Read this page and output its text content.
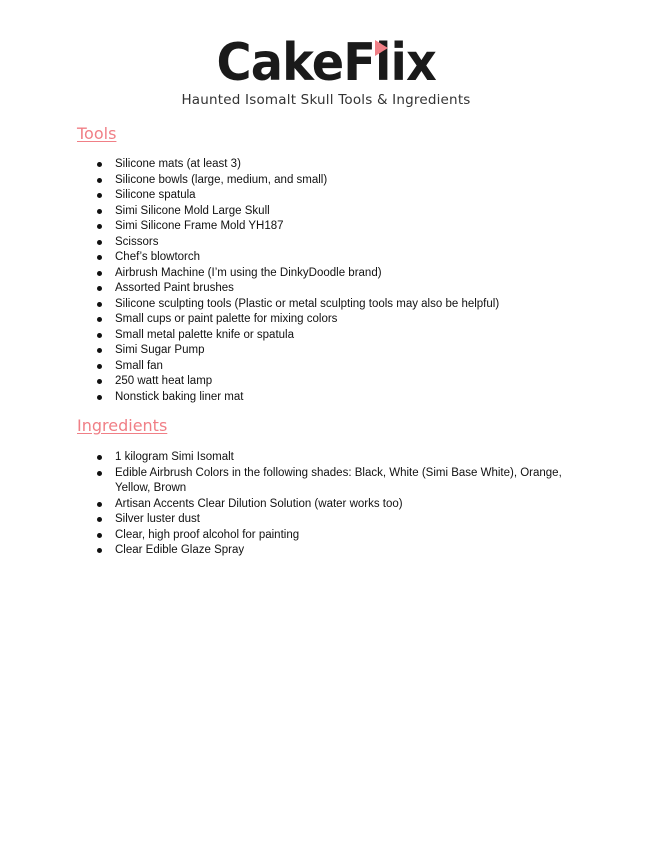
CakeFlix
Haunted Isomalt Skull Tools & Ingredients
Tools
Silicone mats (at least 3)
Silicone bowls (large, medium, and small)
Silicone spatula
Simi Silicone Mold Large Skull
Simi Silicone Frame Mold YH187
Scissors
Chef’s blowtorch
Airbrush Machine (I’m using the DinkyDoodle brand)
Assorted Paint brushes
Silicone sculpting tools (Plastic or metal sculpting tools may also be helpful)
Small cups or paint palette for mixing colors
Small metal palette knife or spatula
Simi Sugar Pump
Small fan
250 watt heat lamp
Nonstick baking liner mat
Ingredients
1 kilogram Simi Isomalt
Edible Airbrush Colors in the following shades: Black, White (Simi Base White), Orange, Yellow, Brown
Artisan Accents Clear Dilution Solution (water works too)
Silver luster dust
Clear, high proof alcohol for painting
Clear Edible Glaze Spray
